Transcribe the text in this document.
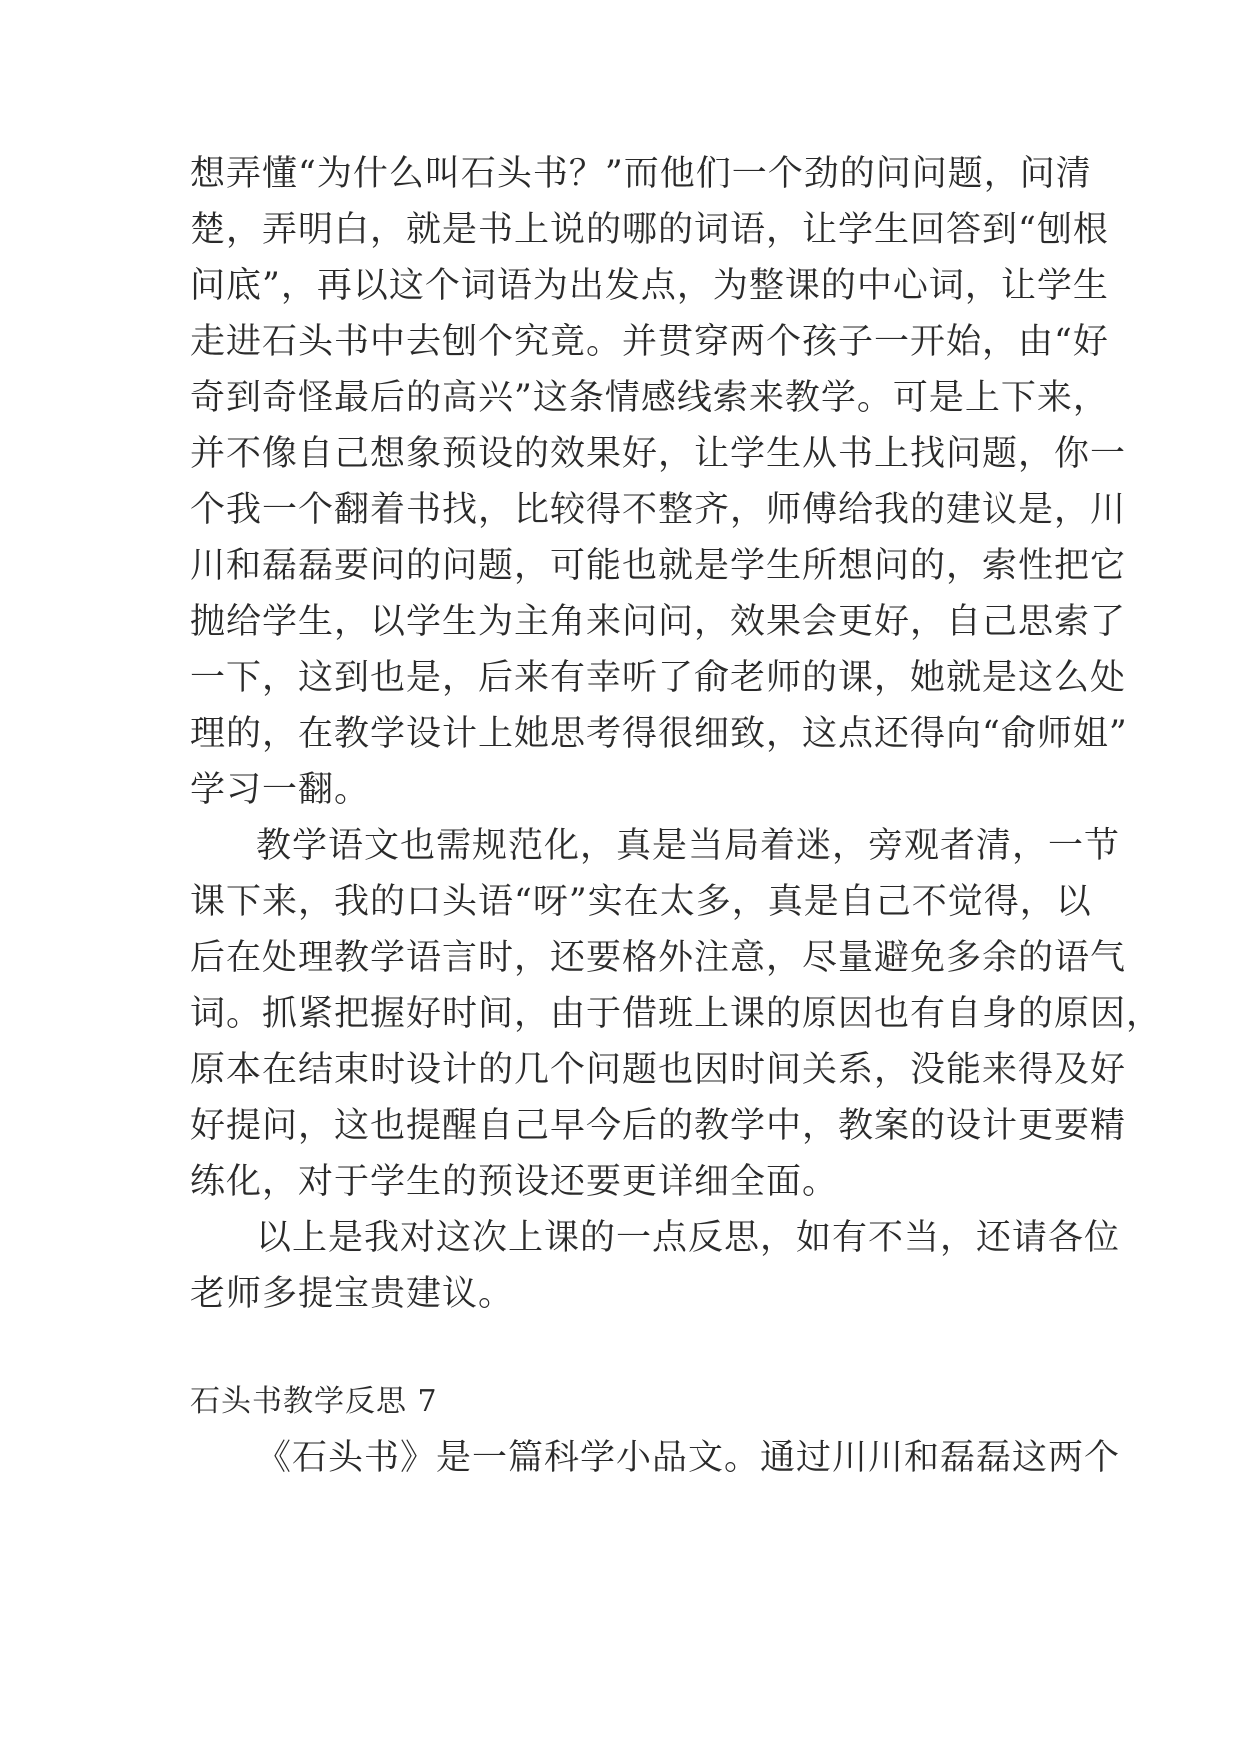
想弄懂“为什么叫石头书？”而他们一个劲的问问题，问清
楚，弄明白，就是书上说的哪的词语，让学生回答到“刨根
问底”，再以这个词语为出发点，为整课的中心词，让学生
走进石头书中去刨个究竟。并贯穿两个孩子一开始，由“好
奇到奇怪最后的高兴”这条情感线索来教学。可是上下来，
并不像自己想象预设的效果好，让学生从书上找问题，你一
个我一个翻着书找，比较得不整齐，师傅给我的建议是，川
川和磊磊要问的问题，可能也就是学生所想问的，索性把它
抛给学生，以学生为主角来问问，效果会更好，自己思索了
一下，这到也是，后来有幸听了俞老师的课，她就是这么处
理的，在教学设计上她思考得很细致，这点还得向“俞师姐”
学习一翻。
教学语文也需规范化，真是当局着迷，旁观者清，一节
课下来，我的口头语“呀”实在太多，真是自己不觉得，以
后在处理教学语言时，还要格外注意，尽量避免多余的语气
词。抓紧把握好时间，由于借班上课的原因也有自身的原因，
原本在结束时设计的几个问题也因时间关系，没能来得及好
好提问，这也提醒自己早今后的教学中，教案的设计更要精
练化，对于学生的预设还要更详细全面。
以上是我对这次上课的一点反思，如有不当，还请各位
老师多提宝贵建议。
石头书教学反思 7
《石头书》是一篇科学小品文。通过川川和磊磊这两个
